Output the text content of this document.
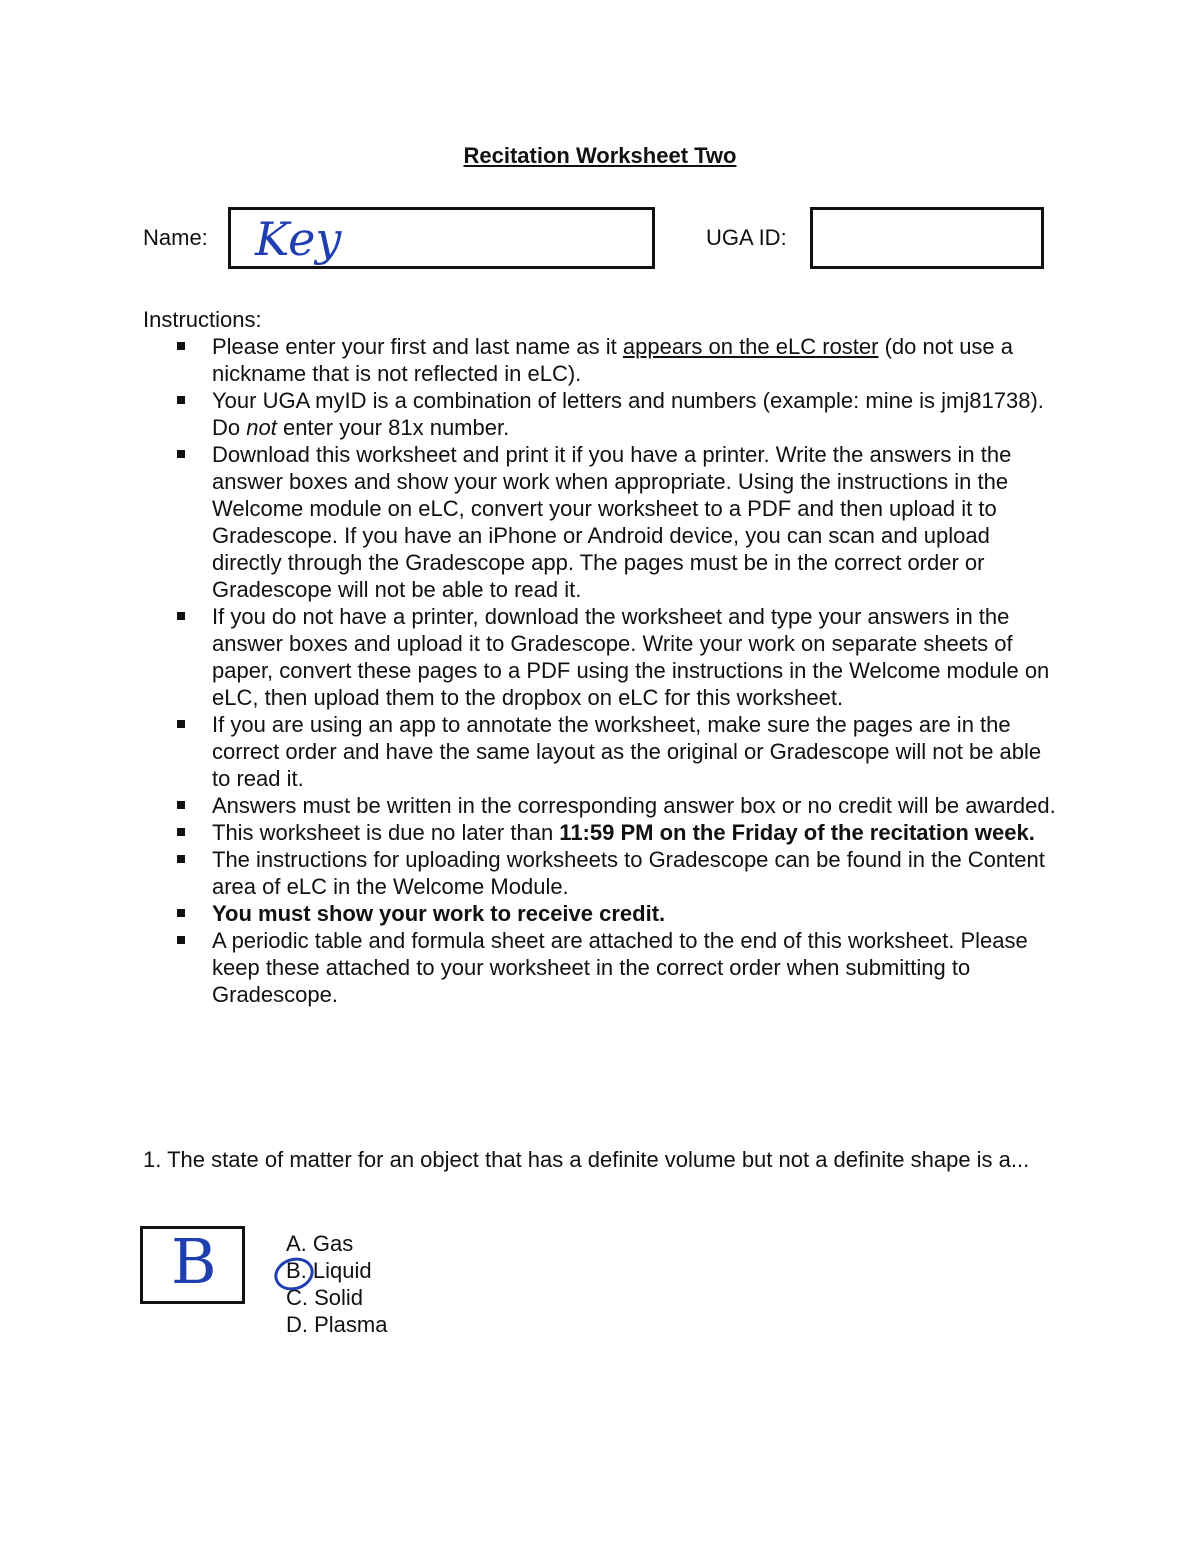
Recitation Worksheet Two
Name: Key	UGA ID:
Instructions:
Please enter your first and last name as it appears on the eLC roster (do not use a nickname that is not reflected in eLC).
Your UGA myID is a combination of letters and numbers (example: mine is jmj81738). Do not enter your 81x number.
Download this worksheet and print it if you have a printer. Write the answers in the answer boxes and show your work when appropriate. Using the instructions in the Welcome module on eLC, convert your worksheet to a PDF and then upload it to Gradescope. If you have an iPhone or Android device, you can scan and upload directly through the Gradescope app. The pages must be in the correct order or Gradescope will not be able to read it.
If you do not have a printer, download the worksheet and type your answers in the answer boxes and upload it to Gradescope. Write your work on separate sheets of paper, convert these pages to a PDF using the instructions in the Welcome module on eLC, then upload them to the dropbox on eLC for this worksheet.
If you are using an app to annotate the worksheet, make sure the pages are in the correct order and have the same layout as the original or Gradescope will not be able to read it.
Answers must be written in the corresponding answer box or no credit will be awarded.
This worksheet is due no later than 11:59 PM on the Friday of the recitation week.
The instructions for uploading worksheets to Gradescope can be found in the Content area of eLC in the Welcome Module.
You must show your work to receive credit.
A periodic table and formula sheet are attached to the end of this worksheet. Please keep these attached to your worksheet in the correct order when submitting to Gradescope.
1. The state of matter for an object that has a definite volume but not a definite shape is a...
B	A. Gas
B. Liquid
C. Solid
D. Plasma
